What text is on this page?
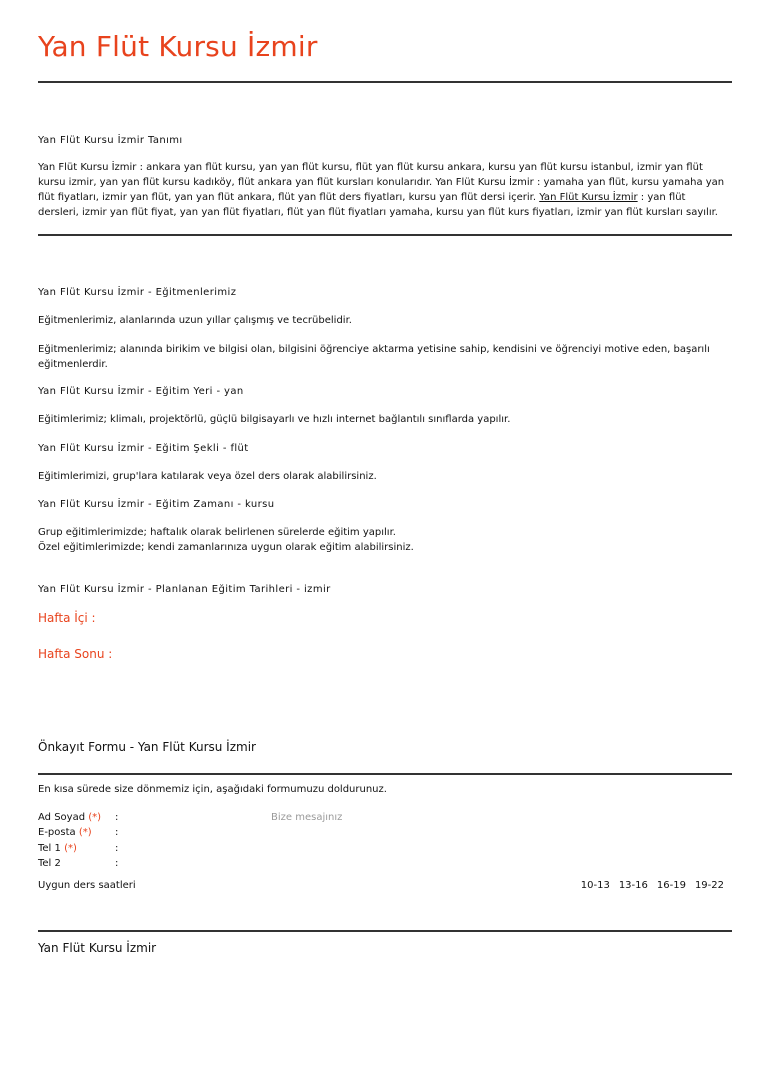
Yan Flüt Kursu İzmir

Yan Flüt Kursu İzmir Tanımı

Yan Flüt Kursu İzmir : ankara yan flüt kursu, yan yan flüt kursu, flüt yan flüt kursu ankara, kursu yan flüt kursu istanbul, izmir yan flüt kursu izmir, yan yan flüt kursu kadıköy, flüt ankara yan flüt kursları konularıdır. Yan Flüt Kursu İzmir : yamaha yan flüt, kursu yamaha yan flüt fiyatları, izmir yan flüt, yan yan flüt ankara, flüt yan flüt ders fiyatları, kursu yan flüt dersi içerir. Yan Flüt Kursu İzmir : yan flüt dersleri, izmir yan flüt fiyat, yan yan flüt fiyatları, flüt yan flüt fiyatları yamaha, kursu yan flüt kurs fiyatları, izmir yan flüt kursları sayılır.

Yan Flüt Kursu İzmir - Eğitmenlerimiz

Eğitmenlerimiz, alanlarında uzun yıllar çalışmış ve tecrübelidir.

Eğitmenlerimiz; alanında birikim ve bilgisi olan, bilgisini öğrenciye aktarma yetisine sahip, kendisini ve öğrenciyi motive eden, başarılı eğitmenlerdir.

Yan Flüt Kursu İzmir - Eğitim Yeri - yan

Eğitimlerimiz; klimalı, projektörlü, güçlü bilgisayarlı ve hızlı internet bağlantılı sınıflarda yapılır.

Yan Flüt Kursu İzmir - Eğitim Şekli - flüt

Eğitimlerimizi, grup'lara katılarak veya özel ders olarak alabilirsiniz.

Yan Flüt Kursu İzmir - Eğitim Zamanı - kursu

Grup eğitimlerimizde; haftalık olarak belirlenen sürelerde eğitim yapılır.

Özel eğitimlerimizde; kendi zamanlarınıza uygun olarak eğitim alabilirsiniz.

Yan Flüt Kursu İzmir - Planlanan Eğitim Tarihleri - izmir

Hafta İçi :

Hafta Sonu :

Önkayıt Formu - Yan Flüt Kursu İzmir

En kısa sürede size dönmemiz için, aşağıdaki formumuzu doldurunuz.

Ad Soyad (*) :
E-posta (*) :
Tel 1 (*)	:
Tel 2	:
Bize mesajınız

Uygun ders saatleri	10-13 13-16 16-19 19-22

Yan Flüt Kursu İzmir
